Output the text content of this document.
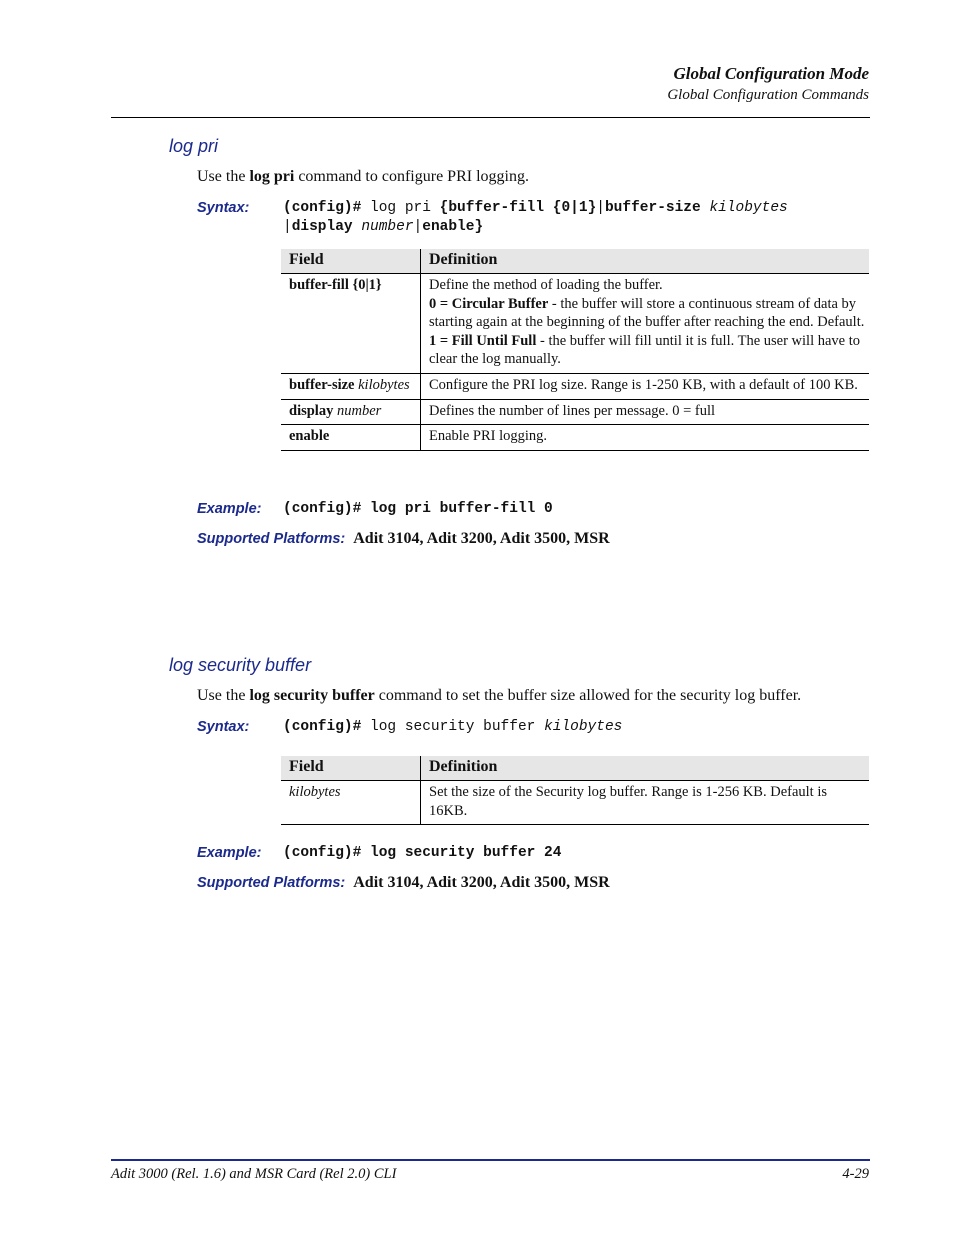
Global Configuration Mode
Global Configuration Commands
log pri
Use the log pri command to configure PRI logging.
Syntax: (config)# log pri {buffer-fill {0|1}|buffer-size kilobytes
|display number|enable}
Field	Definition
buffer-fill {0|1}	Define the method of loading the buffer.
0 = Circular Buffer - the buffer will store a continuous stream of data by starting again at the beginning of the buffer after reaching the end. Default.
1 = Fill Until Full - the buffer will fill until it is full. The user will have to clear the log manually.
buffer-size kilobytes	Configure the PRI log size. Range is 1-250 KB, with a default of 100 KB.
display number	Defines the number of lines per message. 0 = full
enable	Enable PRI logging.
Example: (config)# log pri buffer-fill 0
Supported Platforms: Adit 3104, Adit 3200, Adit 3500, MSR
log security buffer
Use the log security buffer command to set the buffer size allowed for the security log buffer.
Syntax: (config)# log security buffer kilobytes
Field	Definition
kilobytes	Set the size of the Security log buffer. Range is 1-256 KB. Default is 16KB.
Example: (config)# log security buffer 24
Supported Platforms: Adit 3104, Adit 3200, Adit 3500, MSR
Adit 3000 (Rel. 1.6) and MSR Card (Rel 2.0) CLI	4-29
